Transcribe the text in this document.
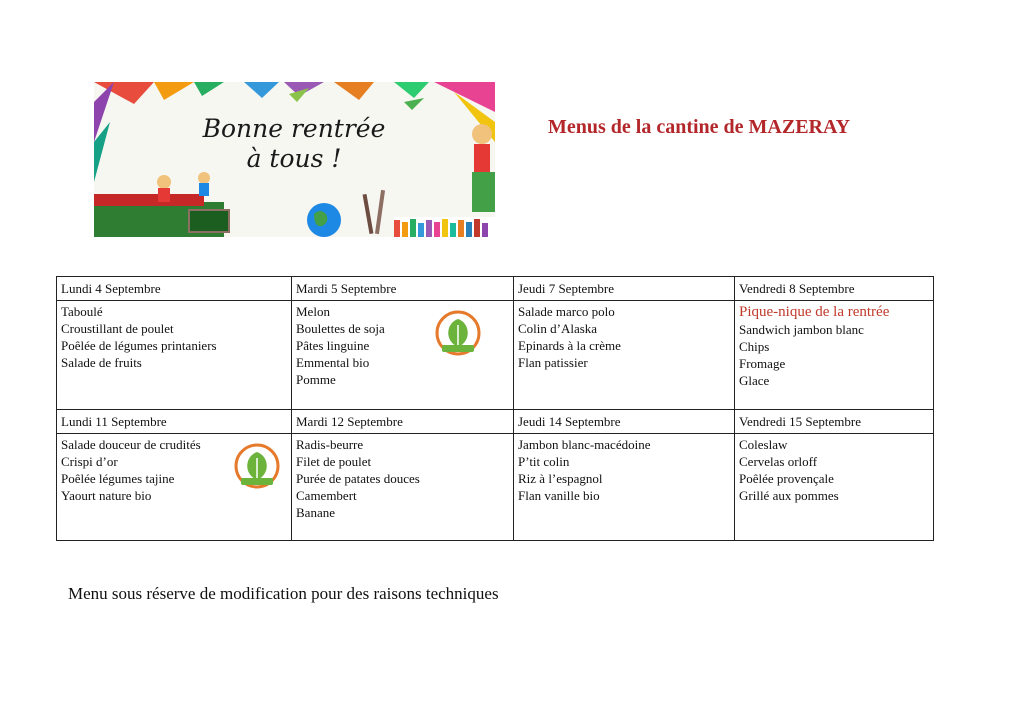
Bonne rentrée
à tous !
Menus de la cantine de MAZERAY
Lundi 4 Septembre	Mardi 5 Septembre	Jeudi 7 Septembre	Vendredi 8 Septembre

Taboulé
Croustillant de poulet
Poêlée de légumes printaniers
Salade de fruits	Melon
Boulettes de soja
Pâtes linguine
Emmental bio
Pomme	Salade marco polo
Colin d’Alaska
Epinards à la crème
Flan patissier	Pique-nique de la rentrée
Sandwich jambon blanc
Chips
Fromage
Glace

Lundi 11 Septembre	Mardi 12 Septembre	Jeudi 14 Septembre	Vendredi 15 Septembre

Salade douceur de crudités
Crispi d’or
Poêlée légumes tajine
Yaourt nature bio	Radis-beurre
Filet de poulet
Purée de patates douces
Camembert
Banane	Jambon blanc-macédoine
P’tit colin
Riz à l’espagnol
Flan vanille bio	Coleslaw
Cervelas orloff
Poêlée provençale
Grillé aux pommes
Menu sous réserve de modification pour des raisons techniques
